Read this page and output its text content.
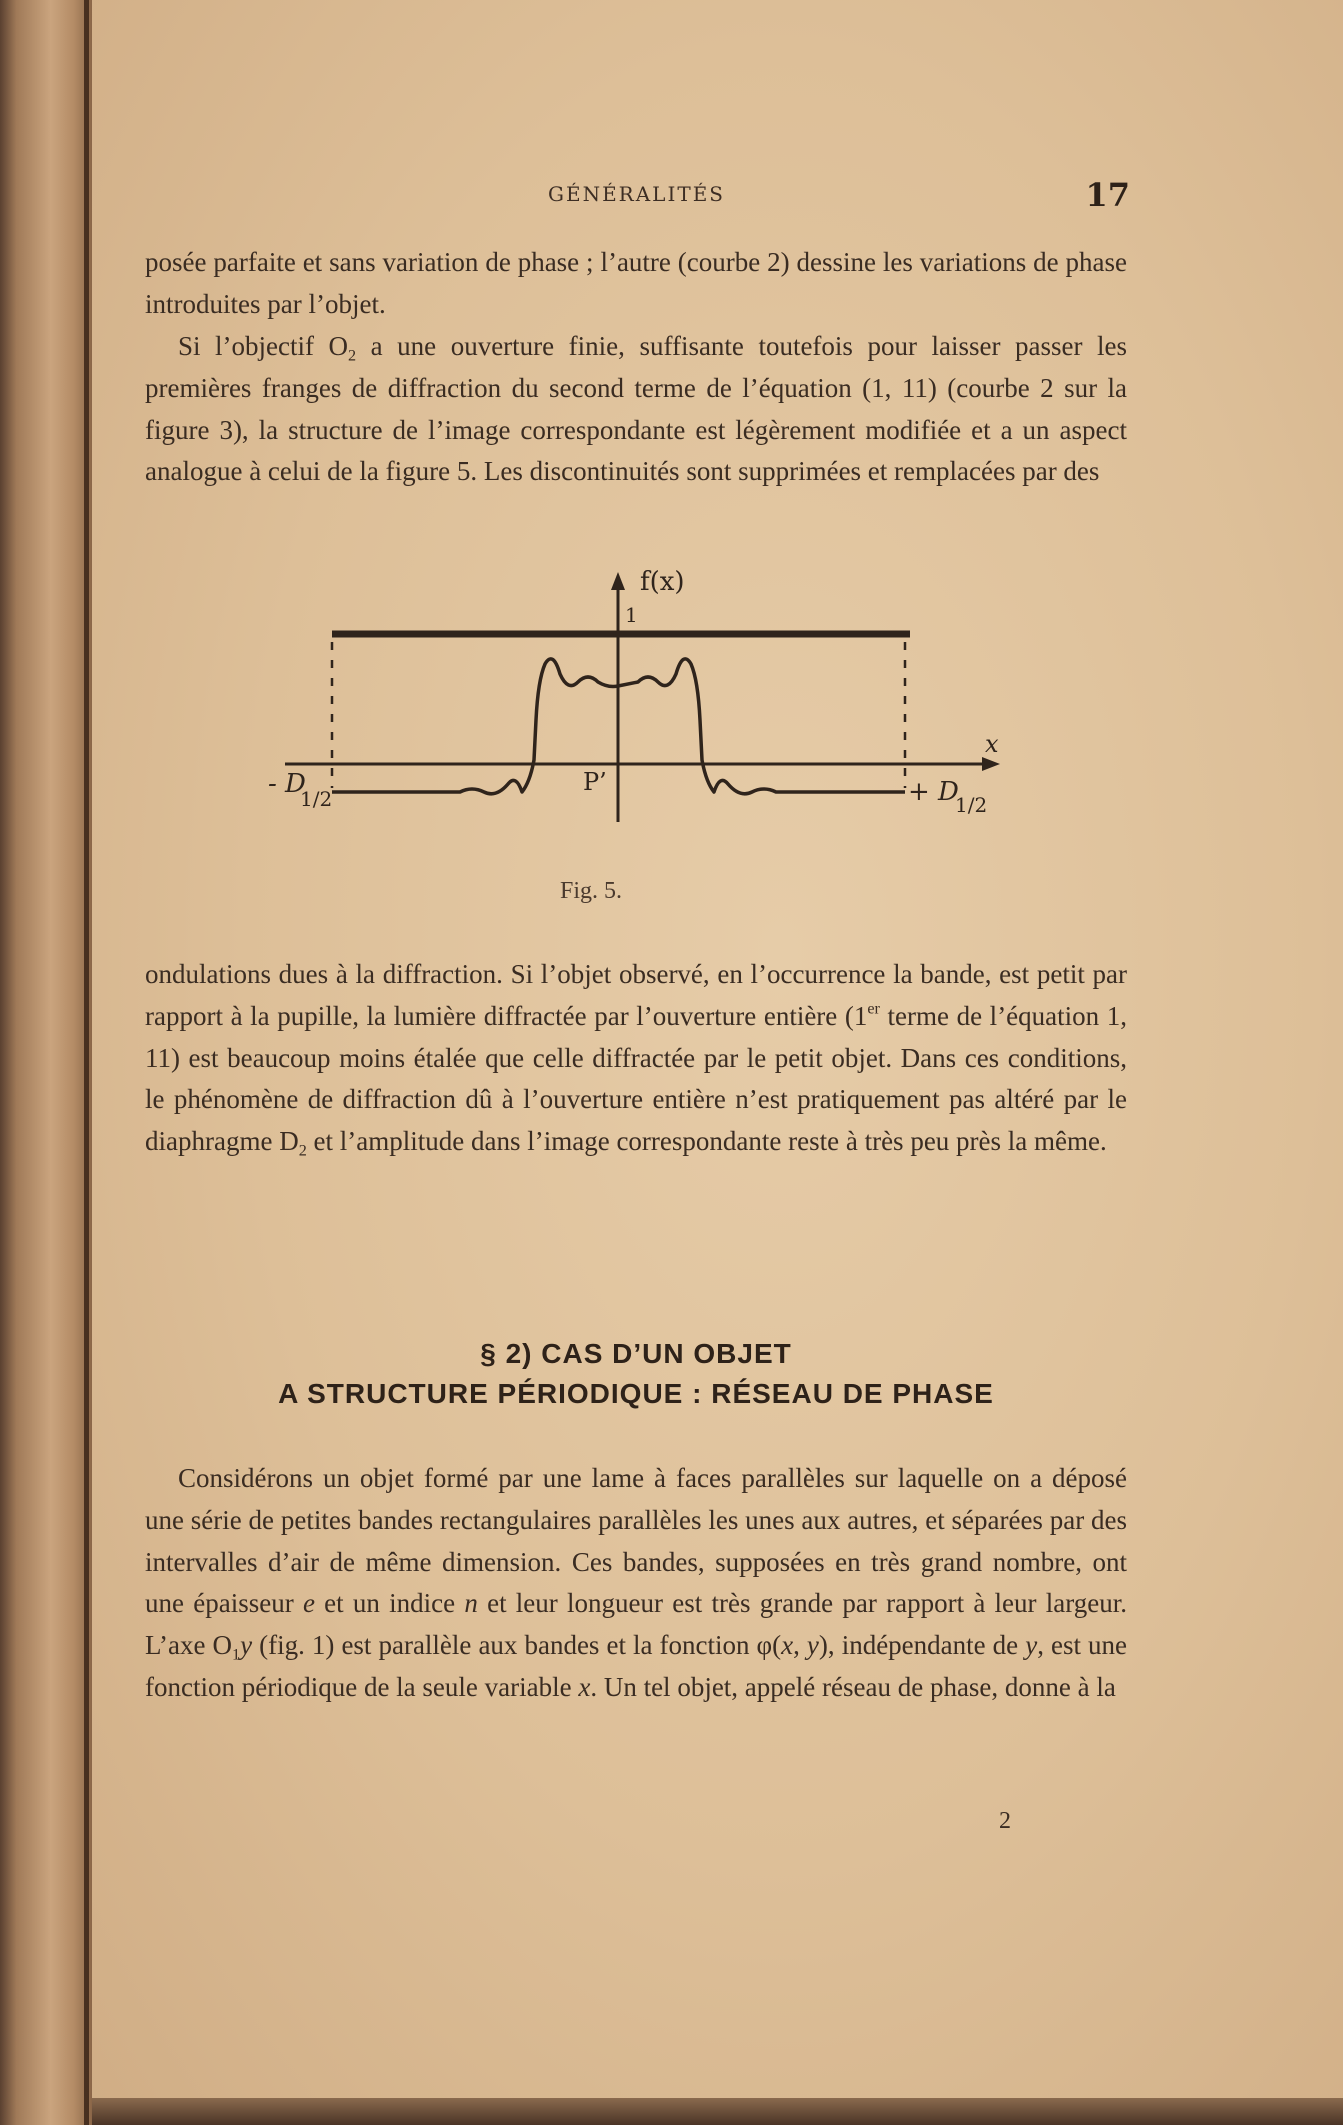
GÉNÉRALITÉS	17

posée parfaite et sans variation de phase ; l’autre (courbe 2) dessine les variations de phase introduites par l’objet.

Si l’objectif $O_2$ a une ouverture finie, suffisante toutefois pour laisser passer les premières franges de diffraction du second terme de l’équation (1, 11) (courbe 2 sur la figure 3), la structure de l’image correspondante est légèrement modifiée et a un aspect analogue à celui de la figure 5. Les discontinuités sont supprimées et remplacées par des

f(x)
1
x
P’
- D
1/2	+ D
1/2
Fig. 5.

ondulations dues à la diffraction. Si l’objet observé, en l’occurrence la bande, est petit par rapport à la pupille, la lumière diffractée par l’ouverture entière (1er terme de l’équation 1, 11) est beaucoup moins étalée que celle diffractée par le petit objet. Dans ces conditions, le phénomène de diffraction dû à l’ouverture entière n’est pratiquement pas altéré par le diaphragme $D_2$ et l’amplitude dans l’image correspondante reste à très peu près la même.

§ 2) CAS D’UN OBJET

A STRUCTURE PÉRIODIQUE : RÉSEAU DE PHASE

Considérons un objet formé par une lame à faces parallèles sur laquelle on a déposé une série de petites bandes rectangulaires parallèles les unes aux autres, et séparées par des intervalles d’air de même dimension. Ces bandes, supposées en très grand nombre, ont une épaisseur e et un indice n et leur longueur est très grande par rapport à leur largeur. L’axe $O_1y$ (fig. 1) est parallèle aux bandes et la fonction φ(x, y), indépendante de y, est une fonction périodique de la seule variable x. Un tel objet, appelé réseau de phase, donne à la

2
